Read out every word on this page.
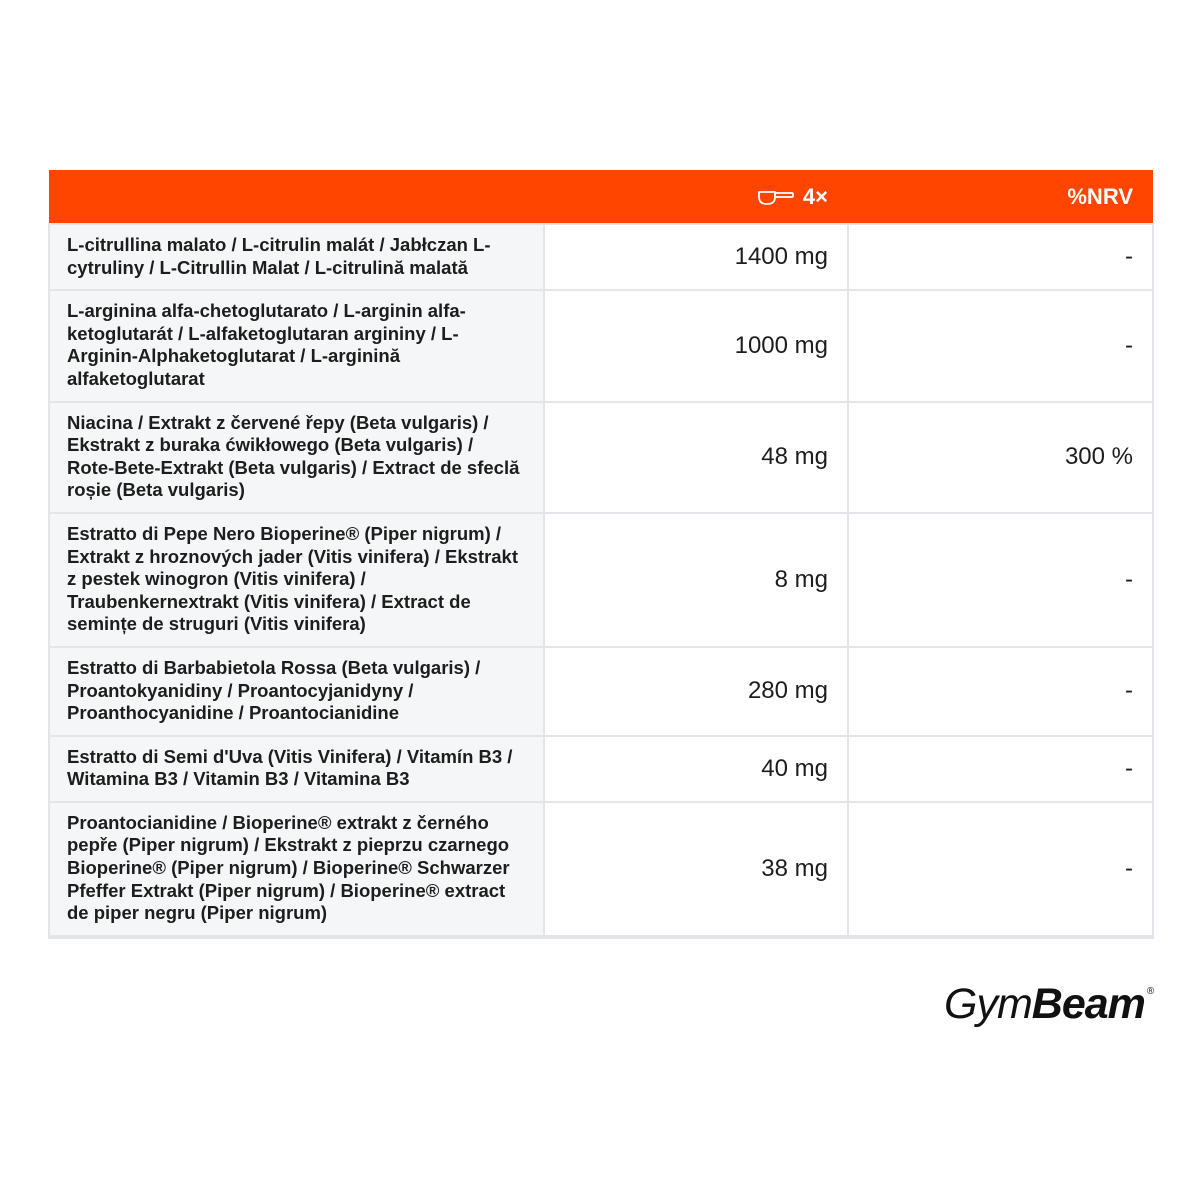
	4×	%NRV
L-citrullina malato / L-citrulin malát / Jabłczan L-cytruliny / L-Citrullin Malat / L-citrulină malată	1400 mg	-
L-arginina alfa-chetoglutarato / L-arginin alfa-ketoglutarát / L-alfaketoglutaran argininy / L-Arginin-Alphaketoglutarat / L-arginină alfaketoglutarat	1000 mg	-
Niacina / Extrakt z červené řepy (Beta vulgaris) / Ekstrakt z buraka ćwikłowego (Beta vulgaris) / Rote-Bete-Extrakt (Beta vulgaris) / Extract de sfeclă roșie (Beta vulgaris)	48 mg	300 %
Estratto di Pepe Nero Bioperine® (Piper nigrum) / Extrakt z hroznových jader (Vitis vinifera) / Ekstrakt z pestek winogron (Vitis vinifera) / Traubenkernextrakt (Vitis vinifera) / Extract de semințe de struguri (Vitis vinifera)	8 mg	-
Estratto di Barbabietola Rossa (Beta vulgaris) / Proantokyanidiny / Proantocyjanidyny / Proanthocyanidine / Proantocianidine	280 mg	-
Estratto di Semi d'Uva (Vitis Vinifera) / Vitamín B3 / Witamina B3 / Vitamin B3 / Vitamina B3	40 mg	-
Proantocianidine / Bioperine® extrakt z černého pepře (Piper nigrum) / Ekstrakt z pieprzu czarnego Bioperine® (Piper nigrum) / Bioperine® Schwarzer Pfeffer Extrakt (Piper nigrum) / Bioperine® extract de piper negru (Piper nigrum)	38 mg	-
Gym Beam ®
